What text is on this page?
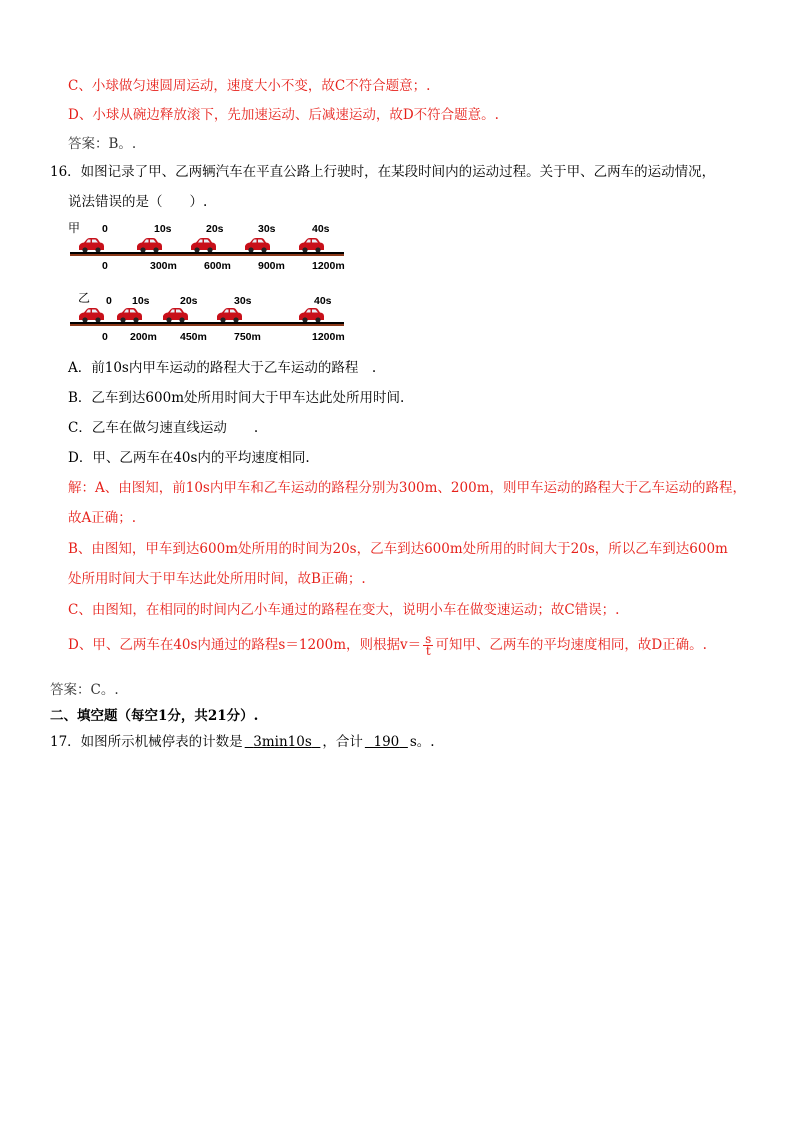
C、小球做匀速圆周运动，速度大小不变，故C不符合题意；.
D、小球从碗边释放滚下，先加速运动、后减速运动，故D不符合题意。.
答案：B。.
16．如图记录了甲、乙两辆汽车在平直公路上行驶时，在某段时间内的运动过程。关于甲、乙两车的运动情况，
说法错误的是（　　）.
甲 0	10s	20s	30s	40s
0	300m	600m	900m	1200m
乙 0 10s	20s	30s	40s
0 200m 450m	750m	1200m
A．前10s内甲车运动的路程大于乙车运动的路程　.
B．乙车到达600m处所用时间大于甲车达此处所用时间.
C．乙车在做匀速直线运动　　.
D．甲、乙两车在40s内的平均速度相同.
解：A、由图知，前10s内甲车和乙车运动的路程分别为300m、200m，则甲车运动的路程大于乙车运动的路程，
故A正确；.
B、由图知，甲车到达600m处所用的时间为20s，乙车到达600m处所用的时间大于20s，所以乙车到达600m
处所用时间大于甲车达此处所用时间，故B正确；.
C、由图知，在相同的时间内乙小车通过的路程在变大，说明小车在做变速运动；故C错误；.
D、甲、乙两车在40s内通过的路程s＝1200m，则根据$v= \frac{s}{t}$ 可知甲、乙两车的平均速度相同，故D正确。.
答案：C。.
二、填空题（每空1分，共21分）.
17．如图所示机械停表的计数是 3min10s ，合计 190 s。.
